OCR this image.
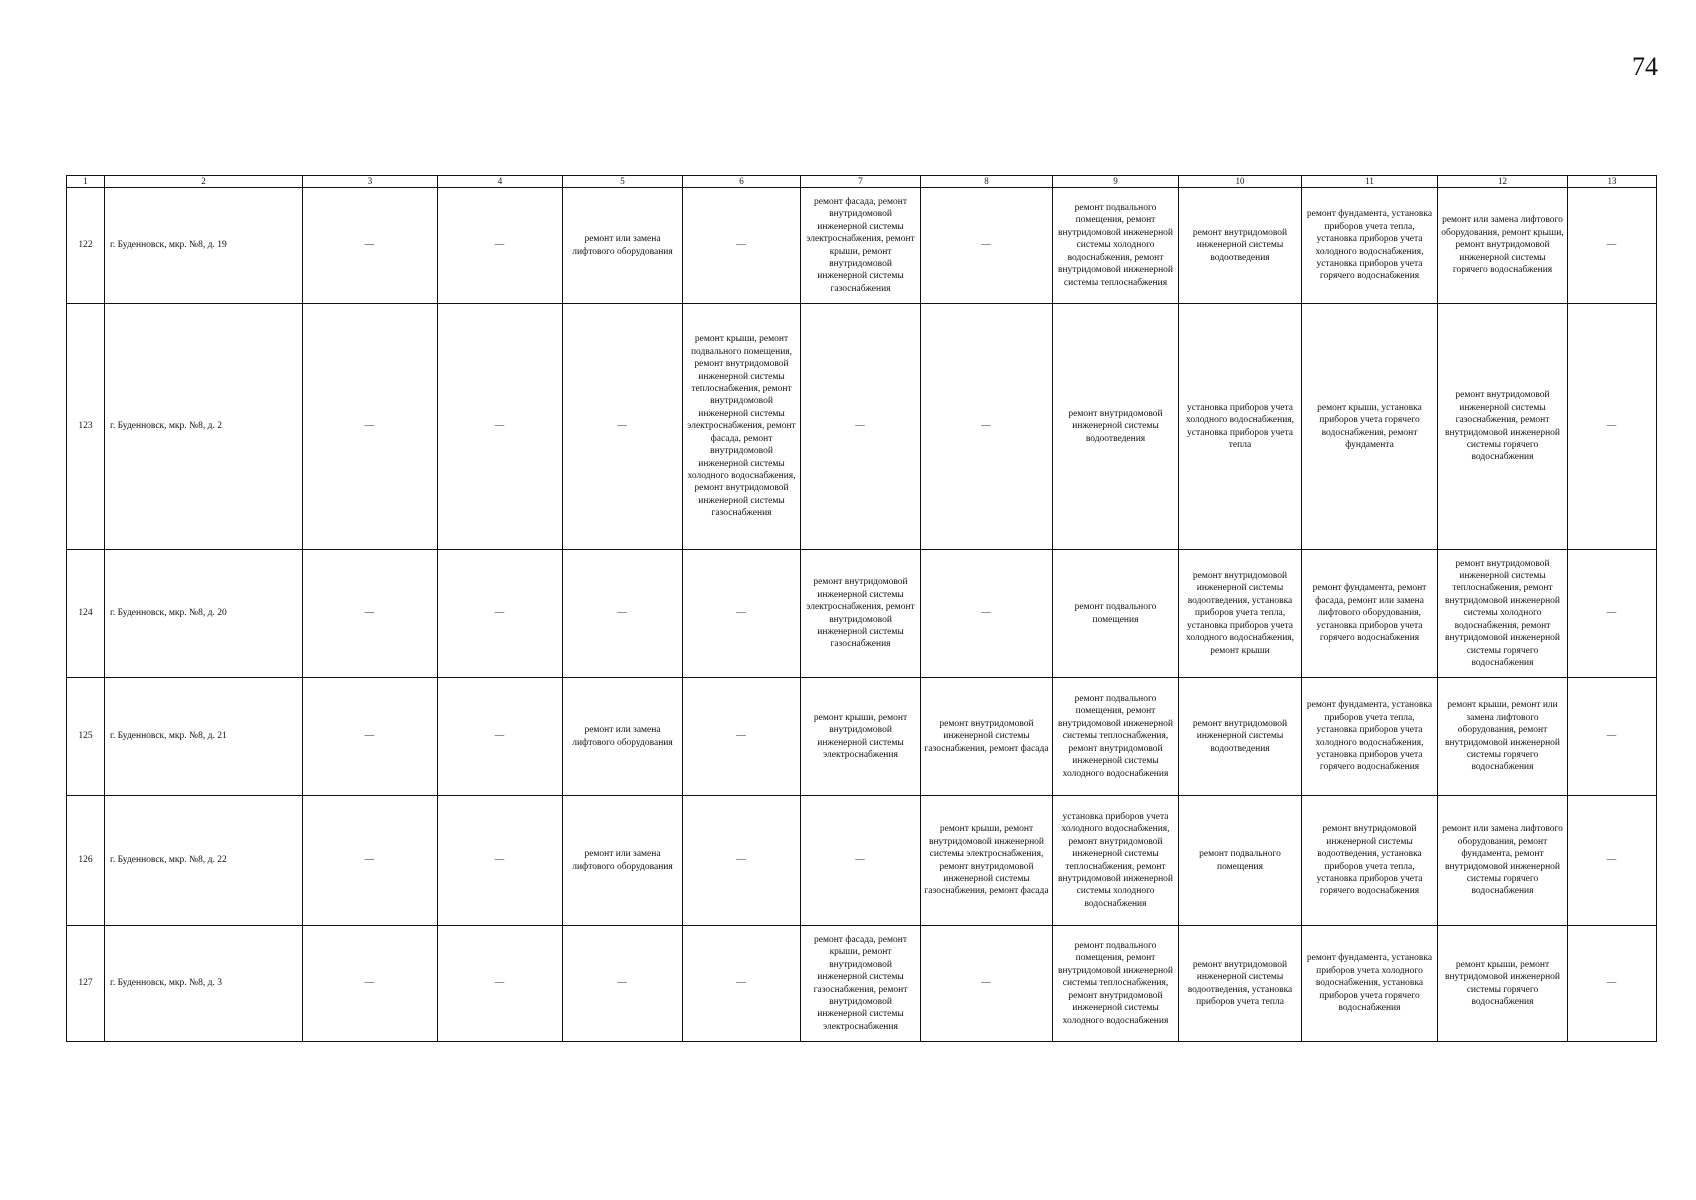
74
1	2	3	4	5	6	7	8	9	10	11	12	13
122	г. Буденновск, мкр. №8, д. 19	—	—	ремонт или замена лифтового оборудования	—	ремонт фасада, ремонт внутридомовой инженерной системы электроснабжения, ремонт крыши, ремонт внутридомовой инженерной системы газоснабжения	—	ремонт подвального помещения, ремонт внутридомовой инженерной системы холодного водоснабжения, ремонт внутридомовой инженерной системы теплоснабжения	ремонт внутридомовой инженерной системы водоотведения	ремонт фундамента, установка приборов учета тепла, установка приборов учета холодного водоснабжения, установка приборов учета горячего водоснабжения	ремонт или замена лифтового оборудования, ремонт крыши, ремонт внутридомовой инженерной системы горячего водоснабжения	—
123	г. Буденновск, мкр. №8, д. 2	—	—	—	ремонт крыши, ремонт подвального помещения, ремонт внутридомовой инженерной системы теплоснабжения, ремонт внутридомовой инженерной системы электроснабжения, ремонт фасада, ремонт внутридомовой инженерной системы холодного водоснабжения, ремонт внутридомовой инженерной системы газоснабжения	—	—	ремонт внутридомовой инженерной системы водоотведения	установка приборов учета холодного водоснабжения, установка приборов учета тепла	ремонт крыши, установка приборов учета горячего водоснабжения, ремонт фундамента	ремонт внутридомовой инженерной системы газоснабжения, ремонт внутридомовой инженерной системы горячего водоснабжения	—
124	г. Буденновск, мкр. №8, д. 20	—	—	—	—	ремонт внутридомовой инженерной системы электроснабжения, ремонт внутридомовой инженерной системы газоснабжения	—	ремонт подвального помещения	ремонт внутридомовой инженерной системы водоотведения, установка приборов учета тепла, установка приборов учета холодного водоснабжения, ремонт крыши	ремонт фундамента, ремонт фасада, ремонт или замена лифтового оборудования, установка приборов учета горячего водоснабжения	ремонт внутридомовой инженерной системы теплоснабжения, ремонт внутридомовой инженерной системы холодного водоснабжения, ремонт внутридомовой инженерной системы горячего водоснабжения	—
125	г. Буденновск, мкр. №8, д. 21	—	—	ремонт или замена лифтового оборудования	—	ремонт крыши, ремонт внутридомовой инженерной системы электроснабжения	ремонт внутридомовой инженерной системы газоснабжения, ремонт фасада	ремонт подвального помещения, ремонт внутридомовой инженерной системы теплоснабжения, ремонт внутридомовой инженерной системы холодного водоснабжения	ремонт внутридомовой инженерной системы водоотведения	ремонт фундамента, установка приборов учета тепла, установка приборов учета холодного водоснабжения, установка приборов учета горячего водоснабжения	ремонт крыши, ремонт или замена лифтового оборудования, ремонт внутридомовой инженерной системы горячего водоснабжения	—
126	г. Буденновск, мкр. №8, д. 22	—	—	ремонт или замена лифтового оборудования	—	—	ремонт крыши, ремонт внутридомовой инженерной системы электроснабжения, ремонт внутридомовой инженерной системы газоснабжения, ремонт фасада	установка приборов учета холодного водоснабжения, ремонт внутридомовой инженерной системы теплоснабжения, ремонт внутридомовой инженерной системы холодного водоснабжения	ремонт подвального помещения	ремонт внутридомовой инженерной системы водоотведения, установка приборов учета тепла, установка приборов учета горячего водоснабжения	ремонт или замена лифтового оборудования, ремонт фундамента, ремонт внутридомовой инженерной системы горячего водоснабжения	—
127	г. Буденновск, мкр. №8, д. 3	—	—	—	—	ремонт фасада, ремонт крыши, ремонт внутридомовой инженерной системы газоснабжения, ремонт внутридомовой инженерной системы электроснабжения	—	ремонт подвального помещения, ремонт внутридомовой инженерной системы теплоснабжения, ремонт внутридомовой инженерной системы холодного водоснабжения	ремонт внутридомовой инженерной системы водоотведения, установка приборов учета тепла	ремонт фундамента, установка приборов учета холодного водоснабжения, установка приборов учета горячего водоснабжения	ремонт крыши, ремонт внутридомовой инженерной системы горячего водоснабжения	—
